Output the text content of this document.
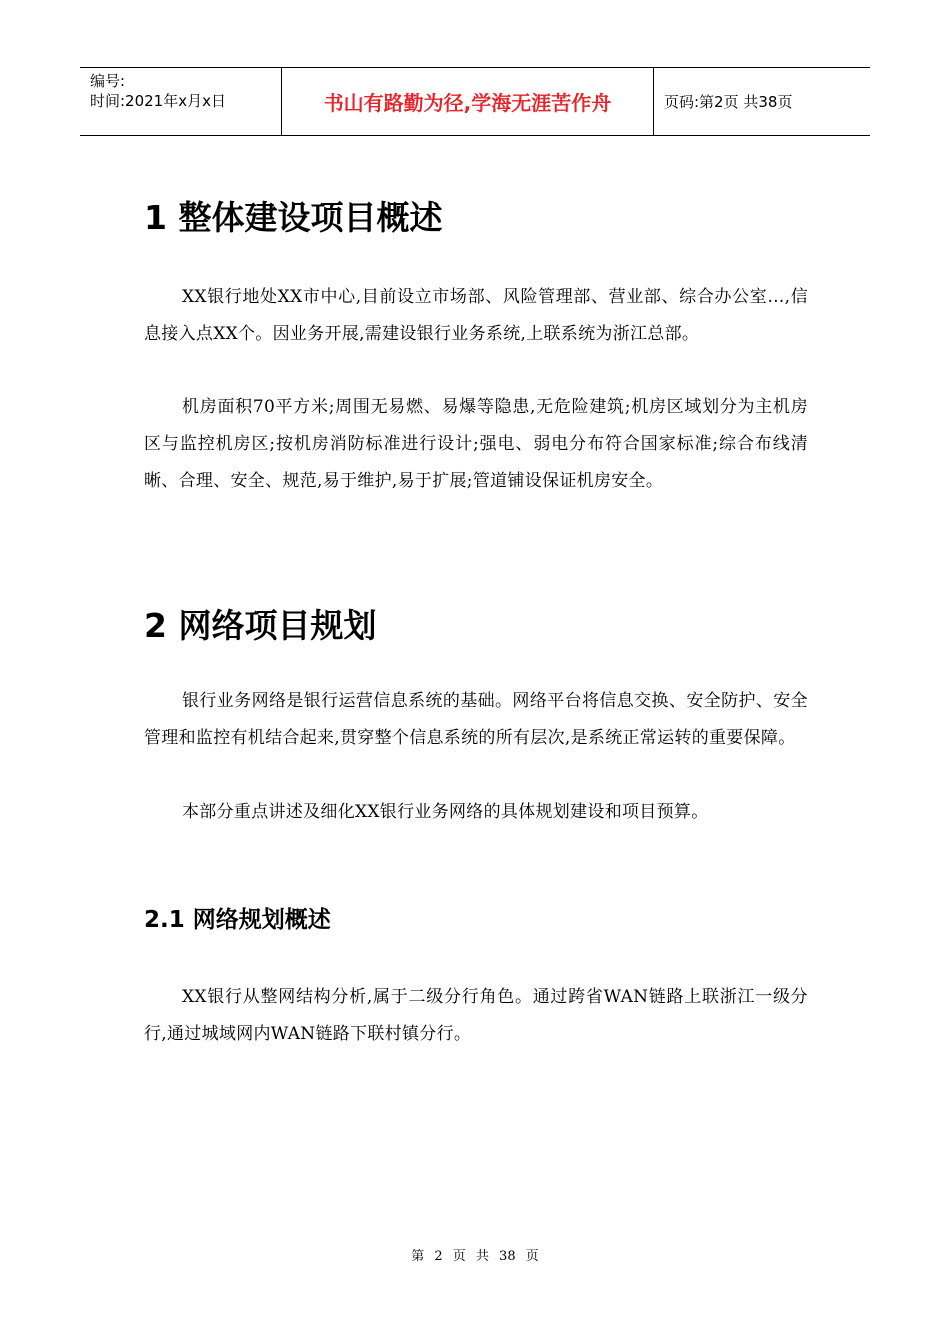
编号:
时间:2021年x月x日	书山有路勤为径,学海无涯苦作舟	页码:第2页 共38页
1 整体建设项目概述

XX银行地处XX市中心,目前设立市场部、风险管理部、营业部、综合办公室…,信息接入点XX个。因业务开展,需建设银行业务系统,上联系统为浙江总部。

机房面积70平方米;周围无易燃、易爆等隐患,无危险建筑;机房区域划分为主机房区与监控机房区;按机房消防标准进行设计;强电、弱电分布符合国家标准;综合布线清晰、合理、安全、规范,易于维护,易于扩展;管道铺设保证机房安全。

2 网络项目规划

银行业务网络是银行运营信息系统的基础。网络平台将信息交换、安全防护、安全管理和监控有机结合起来,贯穿整个信息系统的所有层次,是系统正常运转的重要保障。

本部分重点讲述及细化XX银行业务网络的具体规划建设和项目预算。

2.1 网络规划概述

XX银行从整网结构分析,属于二级分行角色。通过跨省WAN链路上联浙江一级分行,通过城域网内WAN链路下联村镇分行。

第 2 页 共 38 页
